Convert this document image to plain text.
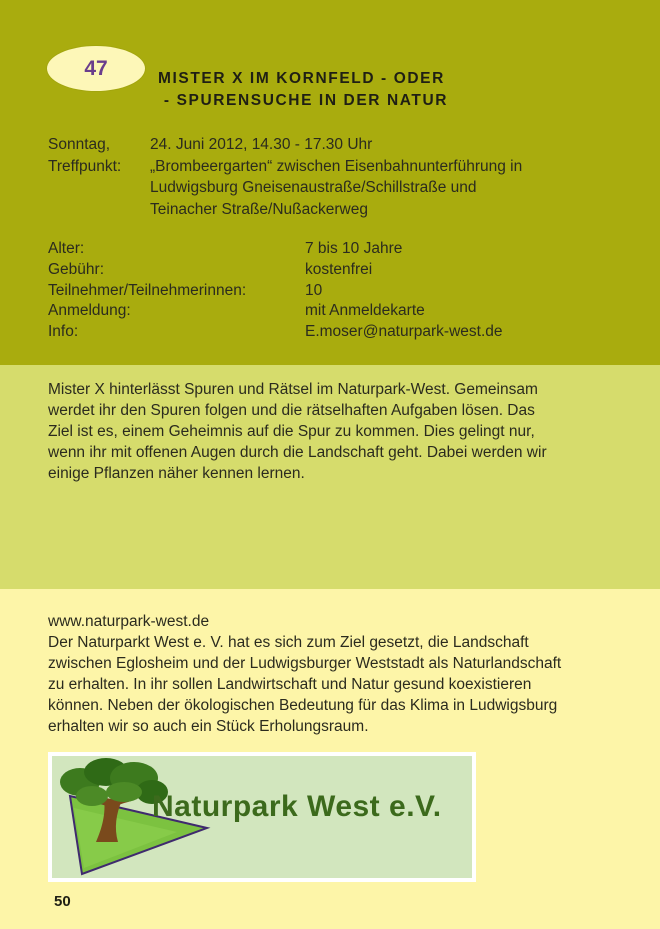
47	MISTER X IM KORNFELD - ODER
- SPURENSUCHE IN DER NATUR
Sonntag,	24. Juni 2012, 14.30 - 17.30 Uhr
Treffpunkt:	„Brombeergarten“ zwischen Eisenbahnunterführung in
Ludwigsburg Gneisenaustraße/Schillstraße und
Teinacher Straße/Nußackerweg
Alter:	7 bis 10 Jahre
Gebühr:	kostenfrei
Teilnehmer/Teilnehmerinnen:	10
Anmeldung:	mit Anmeldekarte
Info:	E.moser@naturpark-west.de
Mister X hinterlässt Spuren und Rätsel im Naturpark-West. Gemeinsam
werdet ihr den Spuren folgen und die rätselhaften Aufgaben lösen. Das
Ziel ist es, einem Geheimnis auf die Spur zu kommen. Dies gelingt nur,
wenn ihr mit offenen Augen durch die Landschaft geht. Dabei werden wir
einige Pflanzen näher kennen lernen.
www.naturpark-west.de
Der Naturparkt West e. V. hat es sich zum Ziel gesetzt, die Landschaft
zwischen Eglosheim und der Ludwigsburger Weststadt als Naturlandschaft
zu erhalten. In ihr sollen Landwirtschaft und Natur gesund koexistieren
können. Neben der ökologischen Bedeutung für das Klima in Ludwigsburg
erhalten wir so auch ein Stück Erholungsraum.
Naturpark West e.V.
50
